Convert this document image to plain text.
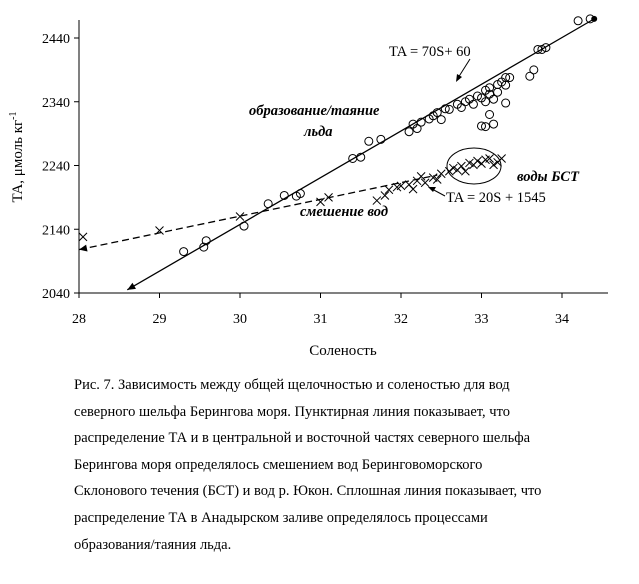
2040
2140
2240
2340
2440
28	29	30	31	32	33	34
Соленость
TA, μмоль $кг^{-1}$
TA = 70S+ 60
образование/таяние
льда
воды БСТ
смешение вод
TA = 20S + 1545
Рис. 7. Зависимость между общей щелочностью и соленостью для вод
северного шельфа Берингова моря. Пунктирная линия показывает, что
распределение ТА и в центральной и восточной частях северного шельфа
Берингова моря определялось смешением вод Беринговоморского
Склонового течения (БСТ) и вод р. Юкон. Сплошная линия показывает, что
распределение ТА в Анадырском заливе определялось процессами
образования/таяния льда.
